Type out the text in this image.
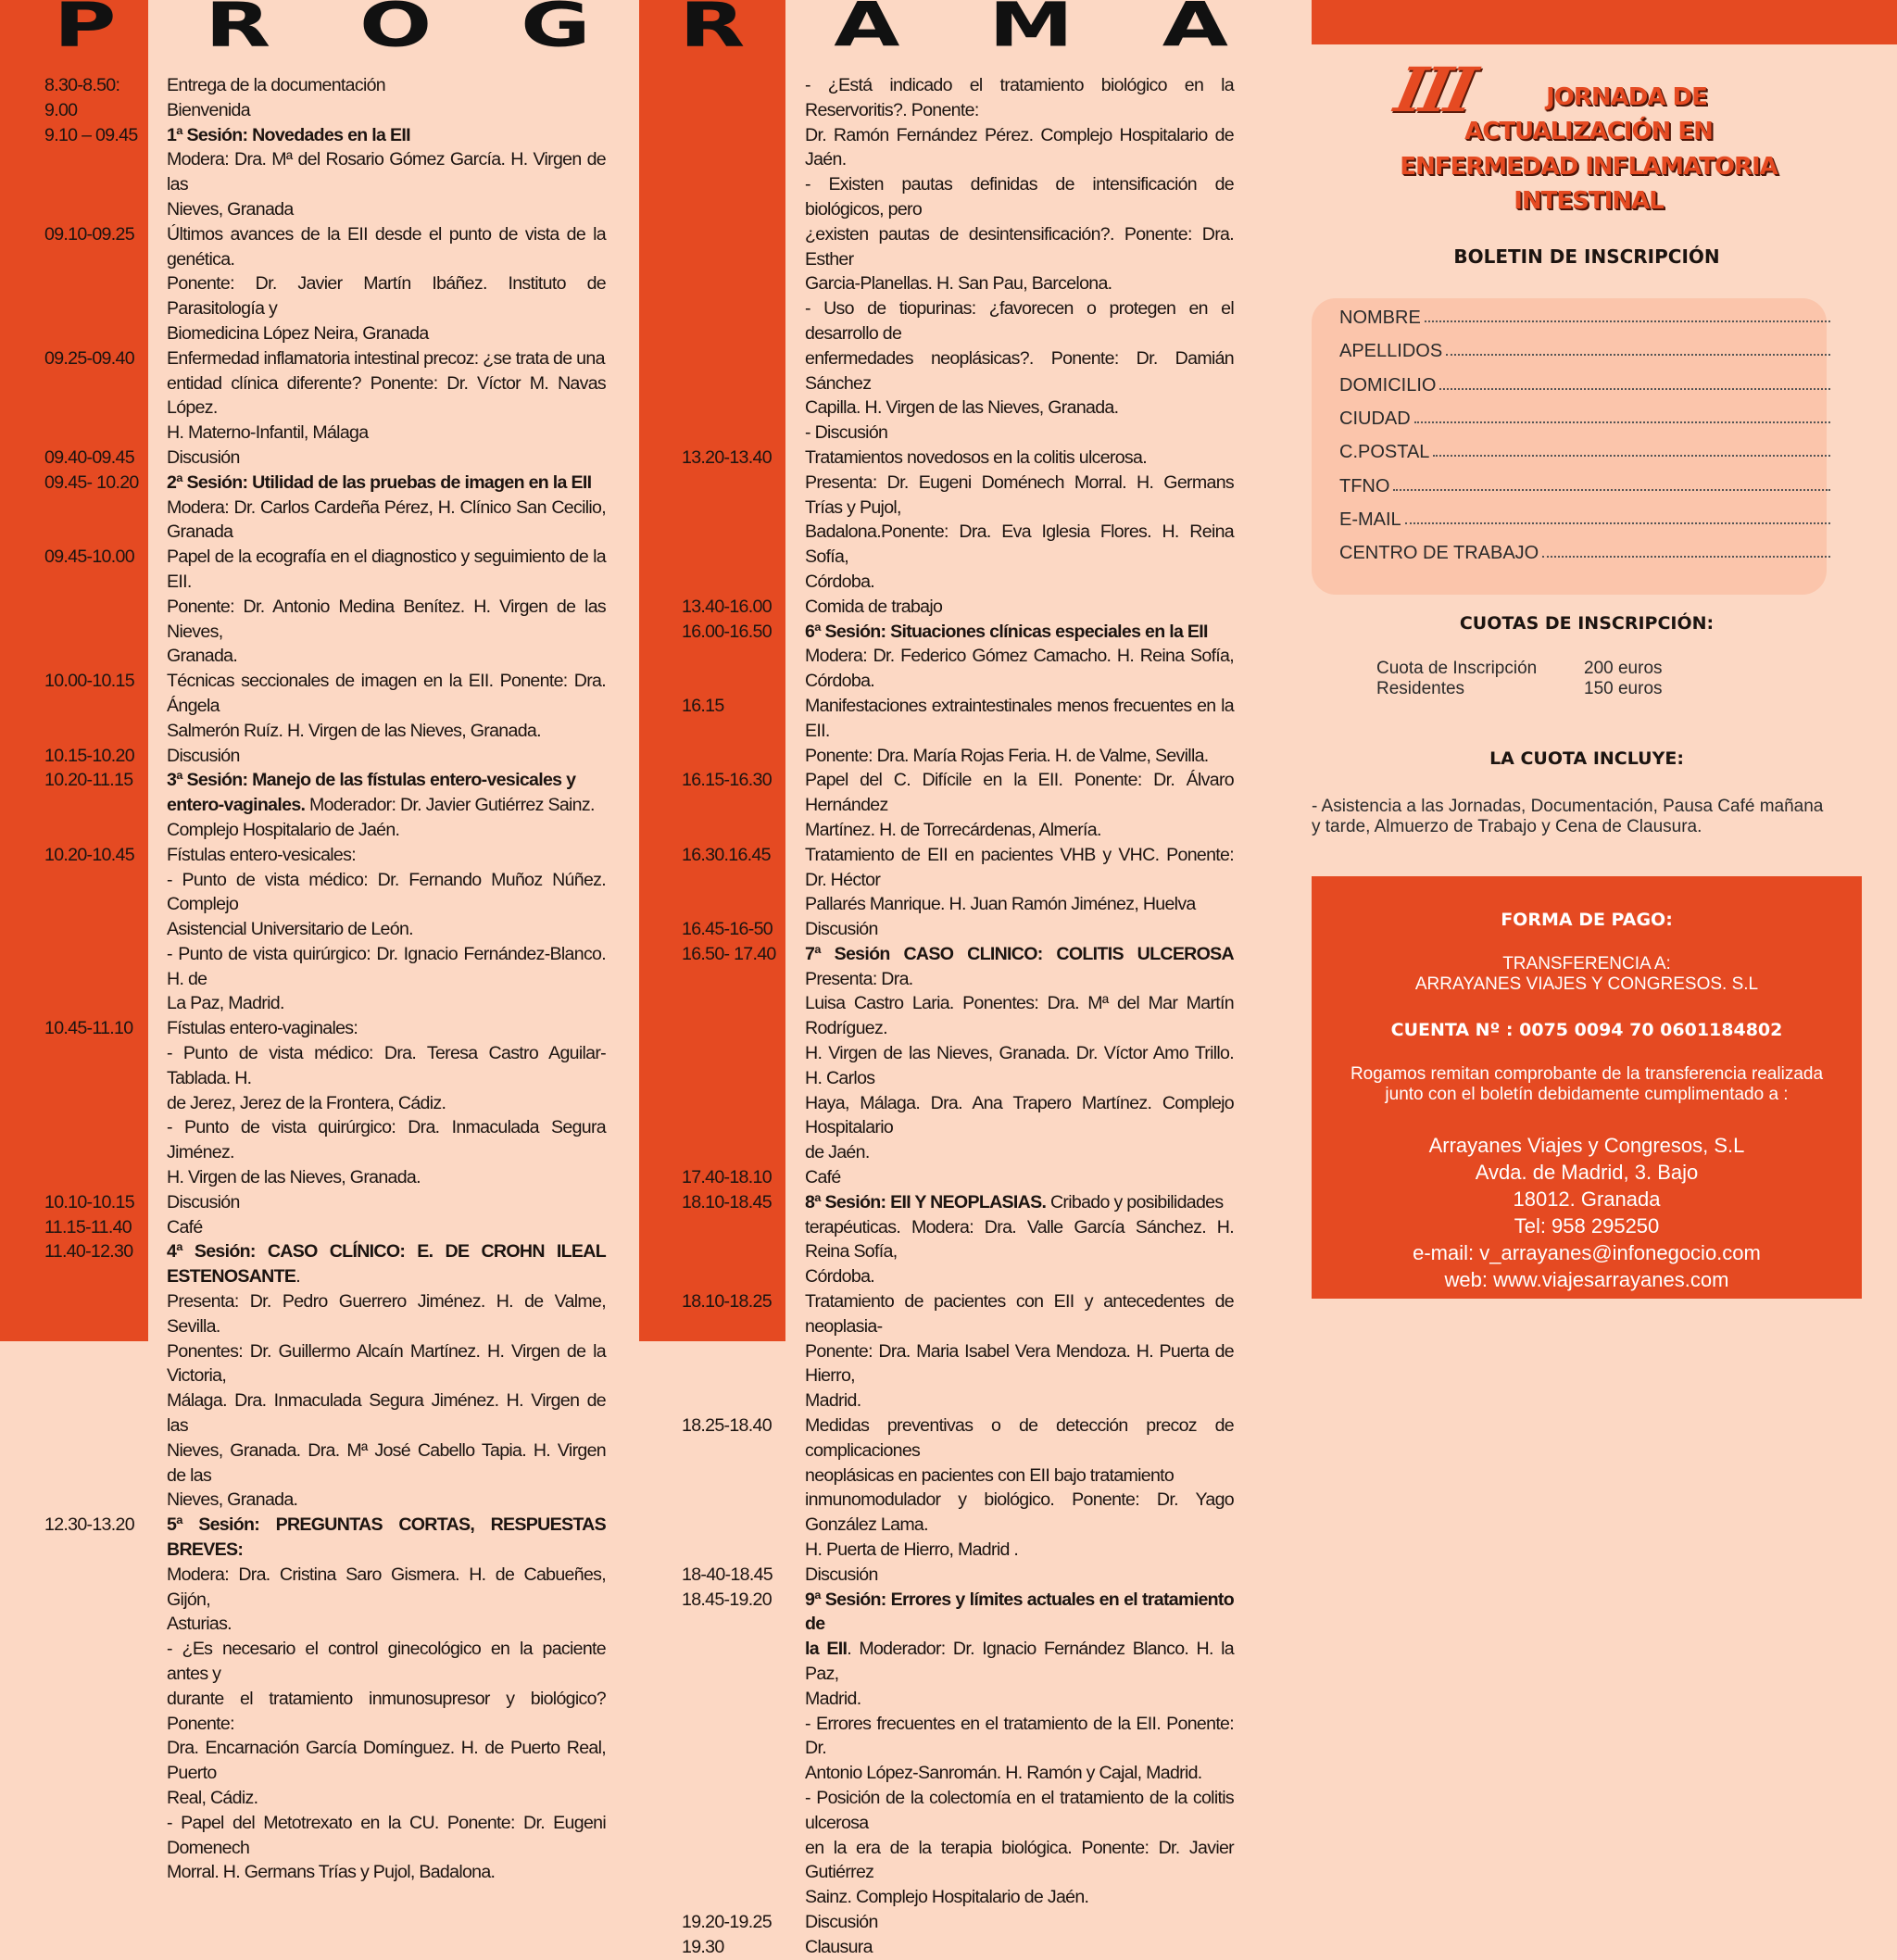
P R O G R A M A
8.30-8.50:	Entrega de la documentación
9.00	Bienvenida
9.10 – 09.45	1ª Sesión: Novedades en la EII
Modera: Dra. Mª del Rosario Gómez García. H. Virgen de las
Nieves, Granada
09.10-09.25	Últimos avances de la EII desde el punto de vista de la genética.
Ponente: Dr. Javier Martín Ibáñez. Instituto de Parasitología y
Biomedicina López Neira, Granada
09.25-09.40	Enfermedad inflamatoria intestinal precoz: ¿se trata de una
entidad clínica diferente? Ponente: Dr. Víctor M. Navas López.
H. Materno-Infantil, Málaga
09.40-09.45	Discusión
09.45- 10.20	2ª Sesión: Utilidad de las pruebas de imagen en la EII
Modera: Dr. Carlos Cardeña Pérez, H. Clínico San Cecilio, Granada
09.45-10.00	Papel de la ecografía en el diagnostico y seguimiento de la EII.
Ponente: Dr. Antonio Medina Benítez. H. Virgen de las Nieves,
Granada.
10.00-10.15	Técnicas seccionales de imagen en la EII. Ponente: Dra. Ángela
Salmerón Ruíz. H. Virgen de las Nieves, Granada.
10.15-10.20	Discusión
10.20-11.15	3ª Sesión: Manejo de las fístulas entero-vesicales y
entero-vaginales. Moderador: Dr. Javier Gutiérrez Sainz.
Complejo Hospitalario de Jaén.
10.20-10.45	Fístulas entero-vesicales:
- Punto de vista médico: Dr. Fernando Muñoz Núñez. Complejo
Asistencial Universitario de León.
- Punto de vista quirúrgico: Dr. Ignacio Fernández-Blanco. H. de
La Paz, Madrid.
10.45-11.10	Fístulas entero-vaginales:
- Punto de vista médico: Dra. Teresa Castro Aguilar-Tablada. H.
de Jerez, Jerez de la Frontera, Cádiz.
- Punto de vista quirúrgico: Dra. Inmaculada Segura Jiménez.
H. Virgen de las Nieves, Granada.
10.10-10.15	Discusión
11.15-11.40	Café
11.40-12.30	4ª Sesión: CASO CLÍNICO: E. DE CROHN ILEAL ESTENOSANTE.
Presenta: Dr. Pedro Guerrero Jiménez. H. de Valme, Sevilla.
Ponentes: Dr. Guillermo Alcaín Martínez. H. Virgen de la Victoria,
Málaga. Dra. Inmaculada Segura Jiménez. H. Virgen de las
Nieves, Granada. Dra. Mª José Cabello Tapia. H. Virgen de las
Nieves, Granada.
12.30-13.20	5ª Sesión: PREGUNTAS CORTAS, RESPUESTAS BREVES:
Modera: Dra. Cristina Saro Gismera. H. de Cabueñes, Gijón,
Asturias.
- ¿Es necesario el control ginecológico en la paciente antes y
durante el tratamiento inmunosupresor y biológico? Ponente:
Dra. Encarnación García Domínguez. H. de Puerto Real, Puerto
Real, Cádiz.
- Papel del Metotrexato en la CU. Ponente: Dr. Eugeni Domenech
Morral. H. Germans Trías y Pujol, Badalona.
- ¿Está indicado el tratamiento biológico en la Reservoritis?. Ponente:
Dr. Ramón Fernández Pérez. Complejo Hospitalario de Jaén.
- Existen pautas definidas de intensificación de biológicos, pero
¿existen pautas de desintensificación?. Ponente: Dra. Esther
Garcia-Planellas. H. San Pau, Barcelona.
- Uso de tiopurinas: ¿favorecen o protegen en el desarrollo de
enfermedades neoplásicas?. Ponente: Dr. Damián Sánchez
Capilla. H. Virgen de las Nieves, Granada.
- Discusión
13.20-13.40	Tratamientos novedosos en la colitis ulcerosa.
Presenta: Dr. Eugeni Doménech Morral. H. Germans Trías y Pujol,
Badalona.Ponente: Dra. Eva Iglesia Flores. H. Reina Sofía,
Córdoba.
13.40-16.00	Comida de trabajo
16.00-16.50	6ª Sesión: Situaciones clínicas especiales en la EII
Modera: Dr. Federico Gómez Camacho. H. Reina Sofía, Córdoba.
16.15	Manifestaciones extraintestinales menos frecuentes en la EII.
Ponente: Dra. María Rojas Feria. H. de Valme, Sevilla.
16.15-16.30	Papel del C. Difícile en la EII. Ponente: Dr. Álvaro Hernández
Martínez. H. de Torrecárdenas, Almería.
16.30.16.45	Tratamiento de EII en pacientes VHB y VHC. Ponente: Dr. Héctor
Pallarés Manrique. H. Juan Ramón Jiménez, Huelva
16.45-16-50	Discusión
16.50- 17.40	7ª Sesión CASO CLINICO: COLITIS ULCEROSA Presenta: Dra.
Luisa Castro Laria. Ponentes: Dra. Mª del Mar Martín Rodríguez.
H. Virgen de las Nieves, Granada. Dr. Víctor Amo Trillo. H. Carlos
Haya, Málaga. Dra. Ana Trapero Martínez. Complejo Hospitalario
de Jaén.
17.40-18.10	Café
18.10-18.45	8ª Sesión: EII Y NEOPLASIAS. Cribado y posibilidades
terapéuticas. Modera: Dra. Valle García Sánchez. H. Reina Sofía,
Córdoba.
18.10-18.25	Tratamiento de pacientes con EII y antecedentes de neoplasia-
Ponente: Dra. Maria Isabel Vera Mendoza. H. Puerta de Hierro,
Madrid.
18.25-18.40	Medidas preventivas o de detección precoz de complicaciones
neoplásicas en pacientes con EII bajo tratamiento
inmunomodulador y biológico. Ponente: Dr. Yago González Lama.
H. Puerta de Hierro, Madrid .
18-40-18.45	Discusión
18.45-19.20	9ª Sesión: Errores y límites actuales en el tratamiento de
la EII. Moderador: Dr. Ignacio Fernández Blanco. H. la Paz,
Madrid.
- Errores frecuentes en el tratamiento de la EII. Ponente: Dr.
Antonio López-Sanromán. H. Ramón y Cajal, Madrid.
- Posición de la colectomía en el tratamiento de la colitis ulcerosa
en la era de la terapia biológica. Ponente: Dr. Javier Gutiérrez
Sainz. Complejo Hospitalario de Jaén.
19.20-19.25	Discusión
19.30	Clausura
III	JORNADA DE
ACTUALIZACIÓN EN
ENFERMEDAD INFLAMATORIA
INTESTINAL
BOLETIN DE INSCRIPCIÓN
NOMBRE
APELLIDOS
DOMICILIO
CIUDAD
C.POSTAL
TFNO
E-MAIL
CENTRO DE TRABAJO
CUOTAS DE INSCRIPCIÓN:
Cuota de Inscripción	200 euros
Residentes	150 euros
LA CUOTA INCLUYE:
- Asistencia a las Jornadas, Documentación, Pausa Café mañana
y tarde, Almuerzo de Trabajo y Cena de Clausura.
FORMA DE PAGO:
TRANSFERENCIA A:
ARRAYANES VIAJES Y CONGRESOS. S.L
CUENTA Nº : 0075 0094 70 0601184802
Rogamos remitan comprobante de la transferencia realizada
junto con el boletín debidamente cumplimentado a :
Arrayanes Viajes y Congresos, S.L
Avda. de Madrid, 3. Bajo
18012. Granada
Tel: 958 295250
e-mail: v_arrayanes@infonegocio.com
web: www.viajesarrayanes.com
